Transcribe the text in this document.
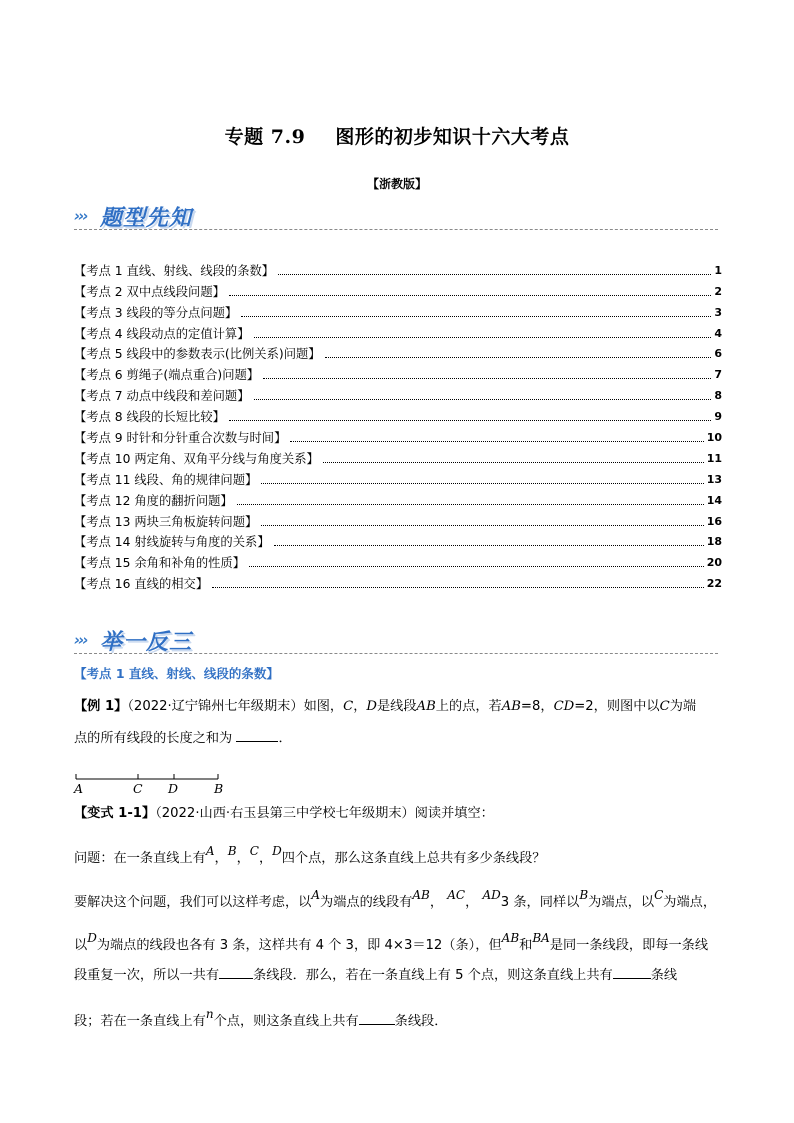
专题 7.9 图形的初步知识十六大考点
【浙教版】
››› 题型先知
【考点 1 直线、射线、线段的条数】	1
【考点 2 双中点线段问题】	2
【考点 3 线段的等分点问题】	3
【考点 4 线段动点的定值计算】	4
【考点 5 线段中的参数表示(比例关系)问题】	6
【考点 6 剪绳子(端点重合)问题】	7
【考点 7 动点中线段和差问题】	8
【考点 8 线段的长短比较】	9
【考点 9 时针和分针重合次数与时间】	10
【考点 10 两定角、双角平分线与角度关系】	11
【考点 11 线段、角的规律问题】	13
【考点 12 角度的翻折问题】	14
【考点 13 两块三角板旋转问题】	16
【考点 14 射线旋转与角度的关系】	18
【考点 15 余角和补角的性质】	20
【考点 16 直线的相交】	22
››› 举一反三
【考点 1 直线、射线、线段的条数】
【例 1】（2022·辽宁锦州七年级期末）如图，C，D是线段AB上的点，若AB=8，CD=2，则图中以C为端
点的所有线段的长度之和为	．
A	C D	B
【变式 1-1】（2022·山西·右玉县第三中学校七年级期末）阅读并填空：
问题：在一条直线上有A，B，C，D四个点，那么这条直线上总共有多少条线段？
要解决这个问题，我们可以这样考虑，以A为端点的线段有AB， AC， AD3 条，同样以B为端点，以C为端点，
以D为端点的线段也各有 3 条，这样共有 4 个 3，即 4×3＝12（条），但AB和BA是同一条线段，即每一条线
段重复一次，所以一共有	条线段．那么，若在一条直线上有 5 个点，则这条直线上共有	条线
段；若在一条直线上有n个点，则这条直线上共有	条线段．
